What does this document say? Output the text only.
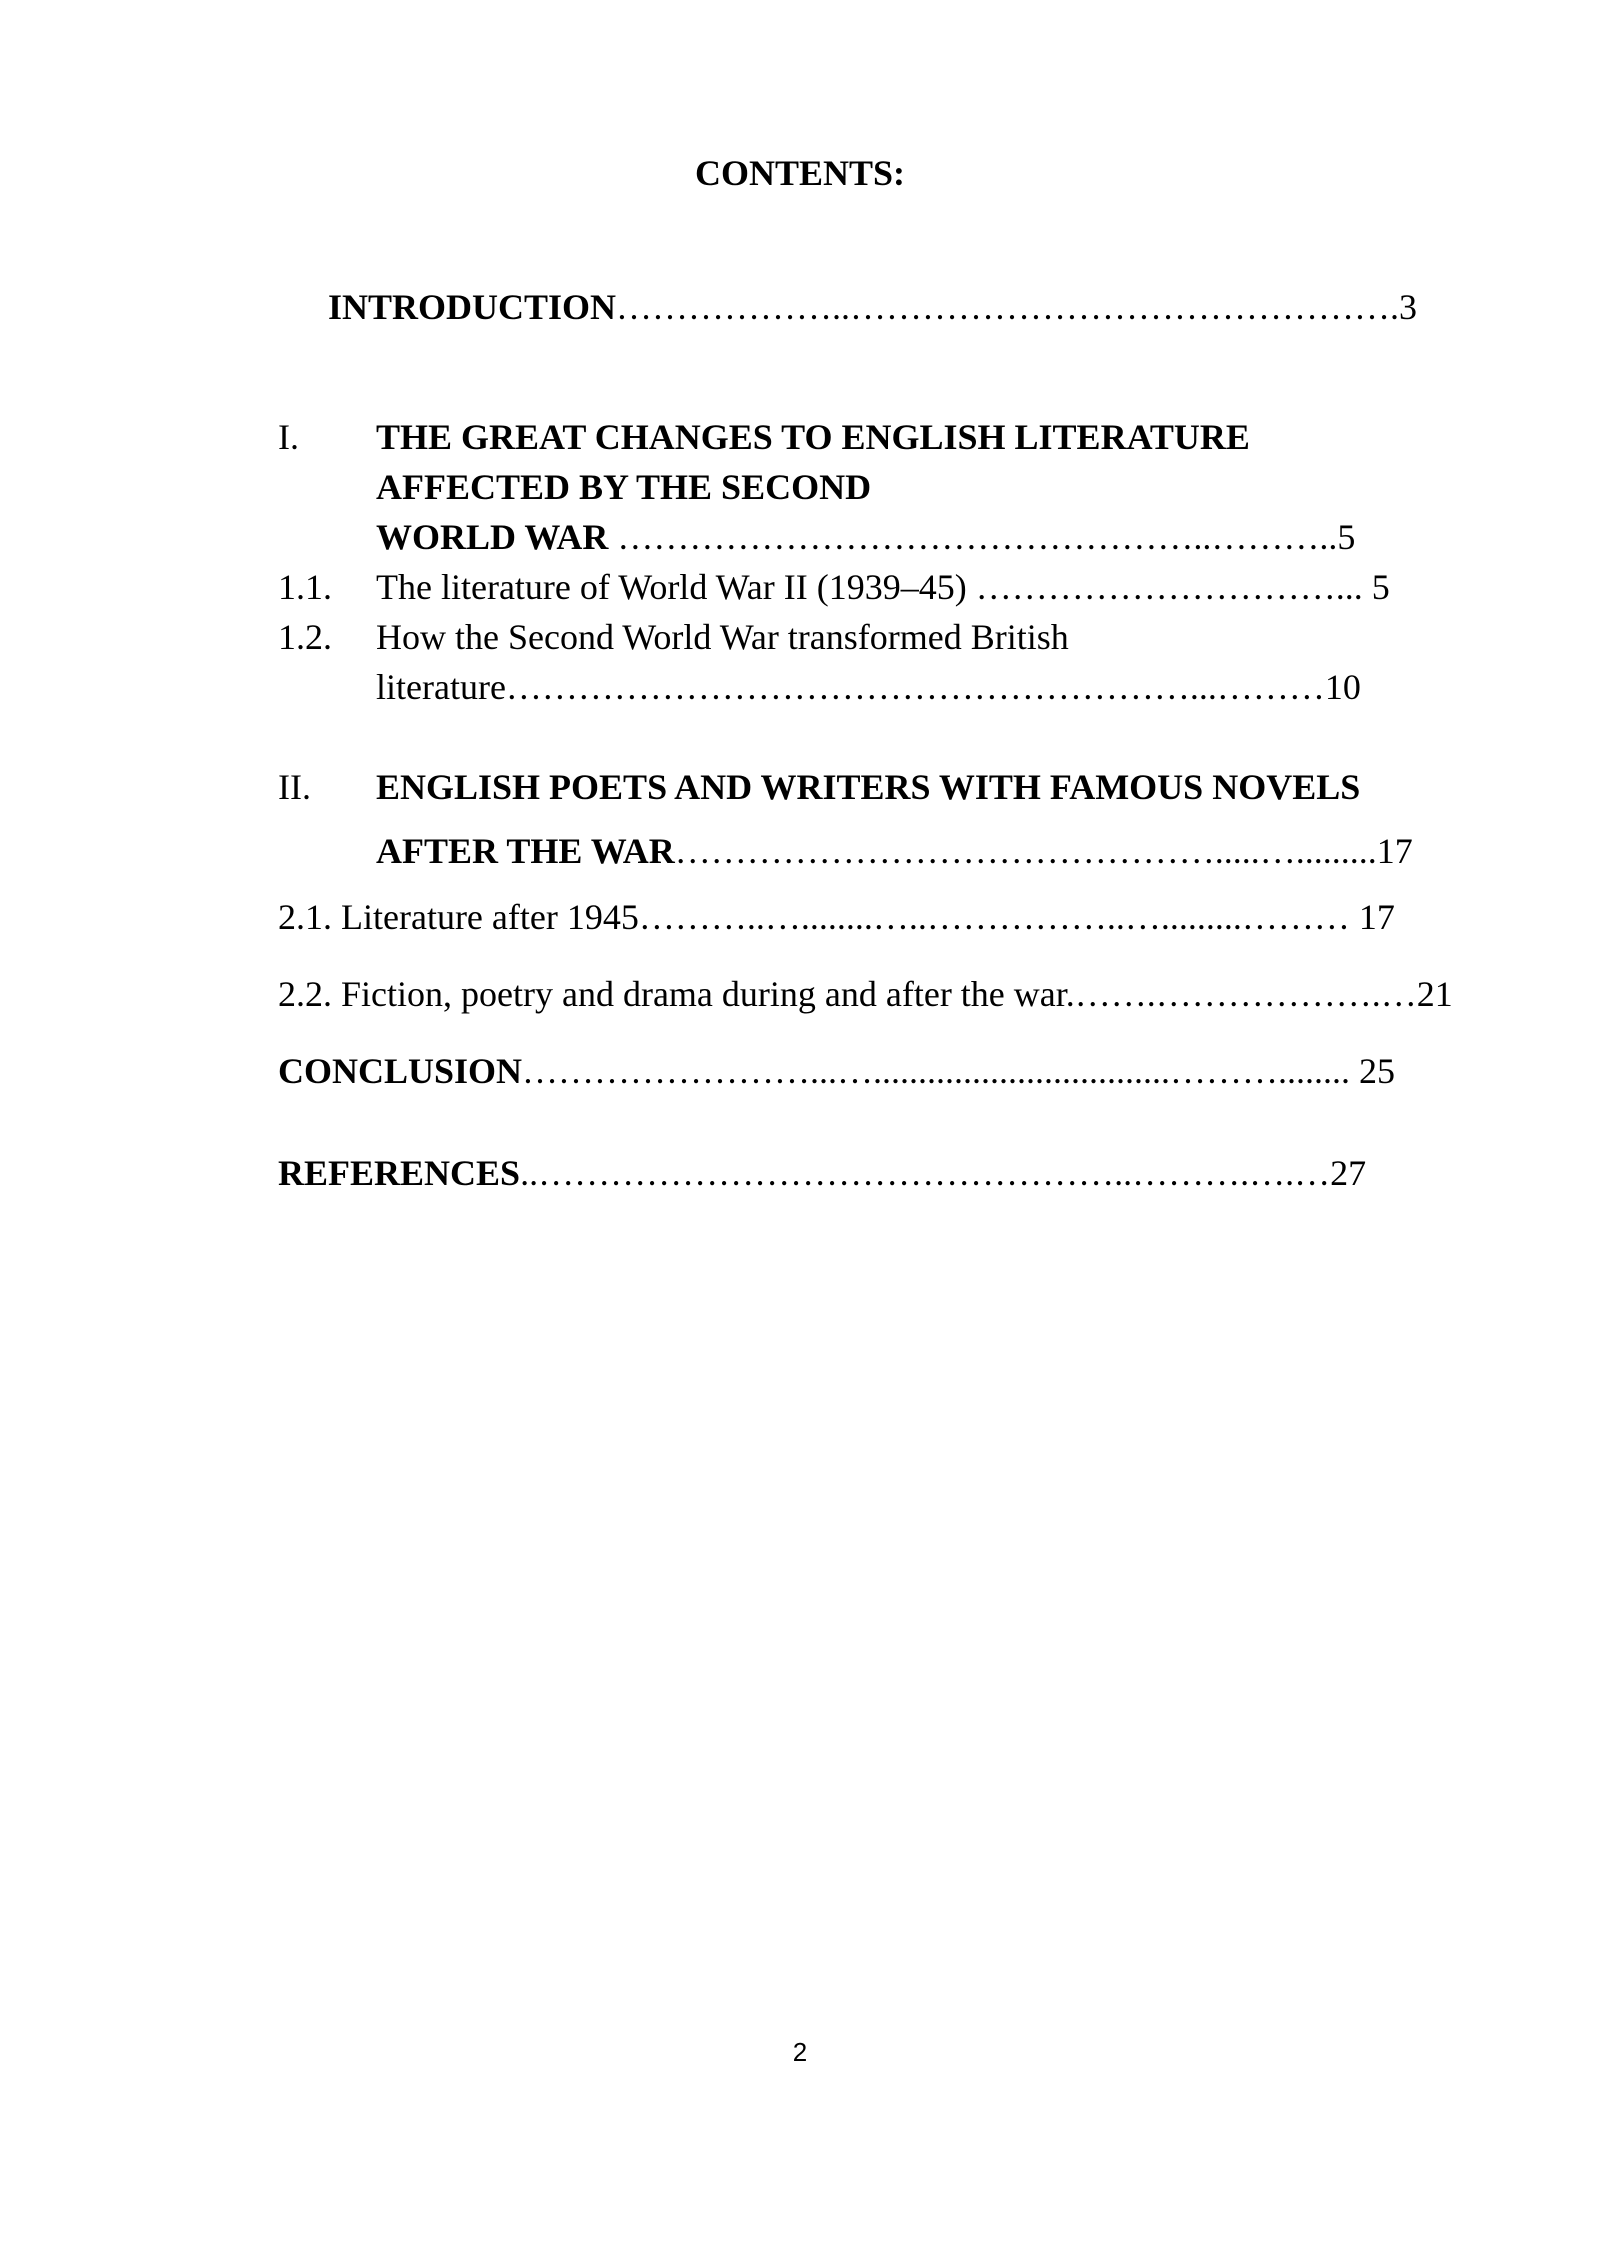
CONTENTS:
INTRODUCTION………………..……………………………………….3
I. THE GREAT CHANGES TO ENGLISH LITERATURE
AFFECTED BY THE SECOND
WORLD WAR …………………………………………..………..5
1.1. The literature of World War II (1939–45) …………………………... 5
1.2. How the Second World War transformed British
literature…………………………………………………...………10
II. ENGLISH POETS AND WRITERS WITH FAMOUS NOVELS
AFTER THE WAR……………………………………….....….........17
2.1. Literature after 1945………..…........…..……………..….........……… 17
2.2. Fiction, poetry and drama during and after the war.…….……………….…21
CONCLUSION……………………...….................................………........ 25
REFERENCES..…………………………………………..……….….…27
2
